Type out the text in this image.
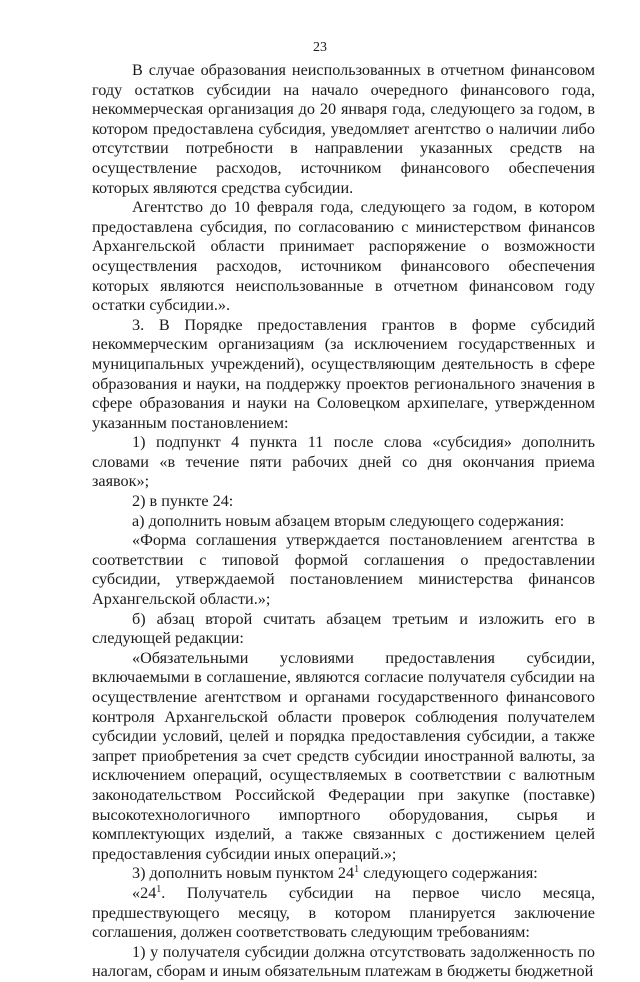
23

В случае образования неиспользованных в отчетном финансовом году остатков субсидии на начало очередного финансового года, некоммерческая организация до 20 января года, следующего за годом, в котором предоставлена субсидия, уведомляет агентство о наличии либо отсутствии потребности в направлении указанных средств на осуществление расходов, источником финансового обеспечения которых являются средства субсидии.

Агентство до 10 февраля года, следующего за годом, в котором предоставлена субсидия, по согласованию с министерством финансов Архангельской области принимает распоряжение о возможности осуществления расходов, источником финансового обеспечения которых являются неиспользованные в отчетном финансовом году остатки субсидии.».

3. В Порядке предоставления грантов в форме субсидий некоммерческим организациям (за исключением государственных и муниципальных учреждений), осуществляющим деятельность в сфере образования и науки, на поддержку проектов регионального значения в сфере образования и науки на Соловецком архипелаге, утвержденном указанным постановлением:

1) подпункт 4 пункта 11 после слова «субсидия» дополнить словами «в течение пяти рабочих дней со дня окончания приема заявок»;

2) в пункте 24:

а) дополнить новым абзацем вторым следующего содержания:

«Форма соглашения утверждается постановлением агентства в соответствии с типовой формой соглашения о предоставлении субсидии, утверждаемой постановлением министерства финансов Архангельской области.»;

б) абзац второй считать абзацем третьим и изложить его в следующей редакции:

«Обязательными условиями предоставления субсидии, включаемыми в соглашение, являются согласие получателя субсидии на осуществление агентством и органами государственного финансового контроля Архангельской области проверок соблюдения получателем субсидии условий, целей и порядка предоставления субсидии, а также запрет приобретения за счет средств субсидии иностранной валюты, за исключением операций, осуществляемых в соответствии с валютным законодательством Российской Федерации при закупке (поставке) высокотехнологичного импортного оборудования, сырья и комплектующих изделий, а также связанных с достижением целей предоставления субсидии иных операций.»;

3) дополнить новым пунктом $24^1$ следующего содержания:

«$24^1$. Получатель субсидии на первое число месяца, предшествующего месяцу, в котором планируется заключение соглашения, должен соответствовать следующим требованиям:

1) у получателя субсидии должна отсутствовать задолженность по налогам, сборам и иным обязательным платежам в бюджеты бюджетной
